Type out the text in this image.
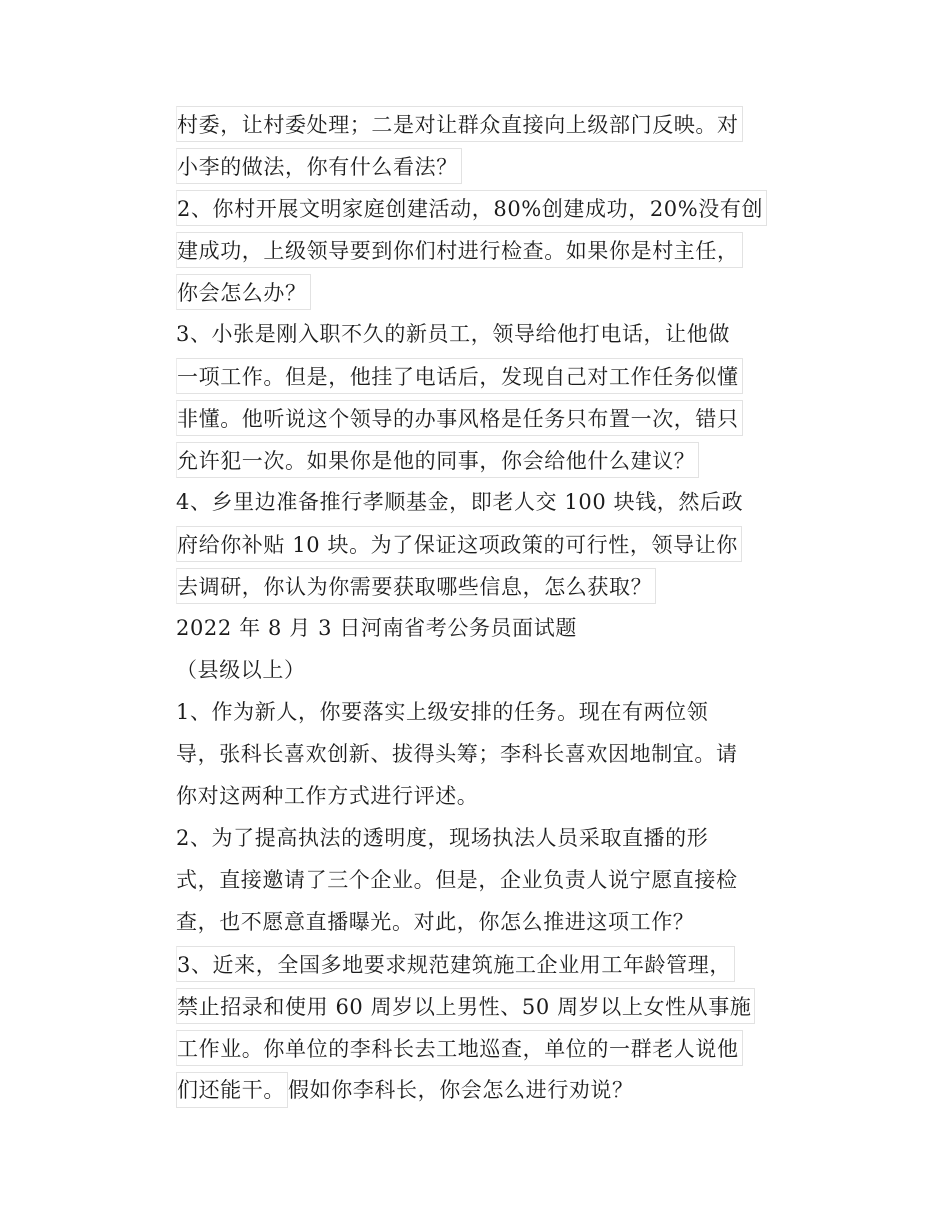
村委，让村委处理；二是对让群众直接向上级部门反映。对
小李的做法，你有什么看法？
2、你村开展文明家庭创建活动，80%创建成功，20%没有创
建成功，上级领导要到你们村进行检查。如果你是村主任，
你会怎么办？
3、小张是刚入职不久的新员工，领导给他打电话，让他做
一项工作。但是，他挂了电话后，发现自己对工作任务似懂
非懂。他听说这个领导的办事风格是任务只布置一次，错只
允许犯一次。如果你是他的同事，你会给他什么建议？
4、乡里边准备推行孝顺基金，即老人交 100 块钱，然后政
府给你补贴 10 块。为了保证这项政策的可行性，领导让你
去调研，你认为你需要获取哪些信息，怎么获取？
2022 年 8 月 3 日河南省考公务员面试题
（县级以上）
1、作为新人，你要落实上级安排的任务。现在有两位领
导，张科长喜欢创新、拔得头筹；李科长喜欢因地制宜。请
你对这两种工作方式进行评述。
2、为了提高执法的透明度，现场执法人员采取直播的形
式，直接邀请了三个企业。但是，企业负责人说宁愿直接检
查，也不愿意直播曝光。对此，你怎么推进这项工作？
3、近来，全国多地要求规范建筑施工企业用工年龄管理，
禁止招录和使用 60 周岁以上男性、50 周岁以上女性从事施
工作业。你单位的李科长去工地巡查，单位的一群老人说他
们还能干。 假如你李科长，你会怎么进行劝说？
